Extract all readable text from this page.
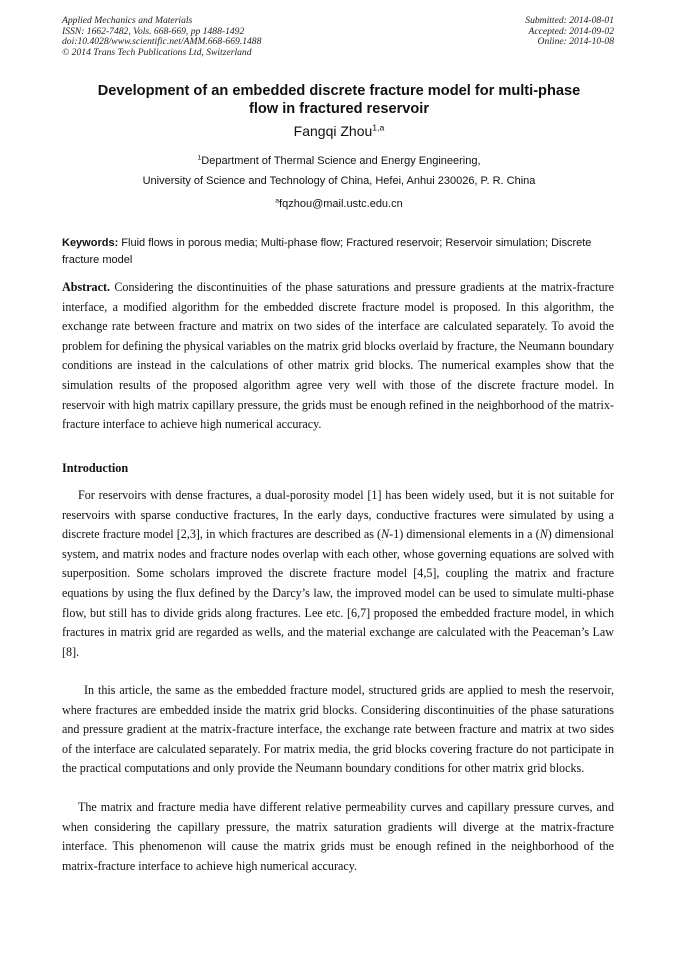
Applied Mechanics and Materials
ISSN: 1662-7482, Vols. 668-669, pp 1488-1492
doi:10.4028/www.scientific.net/AMM.668-669.1488
© 2014 Trans Tech Publications Ltd, Switzerland
Submitted: 2014-08-01
Accepted: 2014-09-02
Online: 2014-10-08
Development of an embedded discrete fracture model for multi-phase
flow in fractured reservoir
Fangqi Zhou$^{1,a}$
$^1$Department of Thermal Science and Energy Engineering,
University of Science and Technology of China, Hefei, Anhui 230026, P. R. China
$^a$fqzhou@mail.ustc.edu.cn
Keywords: Fluid flows in porous media; Multi-phase flow; Fractured reservoir; Reservoir simulation; Discrete fracture model

Abstract. Considering the discontinuities of the phase saturations and pressure gradients at the matrix-fracture interface, a modified algorithm for the embedded discrete fracture model is proposed. In this algorithm, the exchange rate between fracture and matrix on two sides of the interface are calculated separately. To avoid the problem for defining the physical variables on the matrix grid blocks overlaid by fracture, the Neumann boundary conditions are instead in the calculations of other matrix grid blocks. The numerical examples show that the simulation results of the proposed algorithm agree very well with those of the discrete fracture model. In reservoir with high matrix capillary pressure, the grids must be enough refined in the neighborhood of the matrix-fracture interface to achieve high numerical accuracy.

Introduction

For reservoirs with dense fractures, a dual-porosity model [1] has been widely used, but it is not suitable for reservoirs with sparse conductive fractures, In the early days, conductive fractures were simulated by using a discrete fracture model [2,3], in which fractures are described as (N-1) dimensional elements in a (N) dimensional system, and matrix nodes and fracture nodes overlap with each other, whose governing equations are solved with superposition. Some scholars improved the discrete fracture model [4,5], coupling the matrix and fracture equations by using the flux defined by the Darcy’s law, the improved model can be used to simulate multi-phase flow, but still has to divide grids along fractures. Lee etc. [6,7] proposed the embedded fracture model, in which fractures in matrix grid are regarded as wells, and the material exchange are calculated with the Peaceman’s Law [8].

In this article, the same as the embedded fracture model, structured grids are applied to mesh the reservoir, where fractures are embedded inside the matrix grid blocks. Considering discontinuities of the phase saturations and pressure gradient at the matrix-fracture interface, the exchange rate between fracture and matrix at two sides of the interface are calculated separately. For matrix media, the grid blocks covering fracture do not participate in the practical computations and only provide the Neumann boundary conditions for other matrix grid blocks.

The matrix and fracture media have different relative permeability curves and capillary pressure curves, and when considering the capillary pressure, the matrix saturation gradients will diverge at the matrix-fracture interface. This phenomenon will cause the matrix grids must be enough refined in the neighborhood of the matrix-fracture interface to achieve high numerical accuracy.
